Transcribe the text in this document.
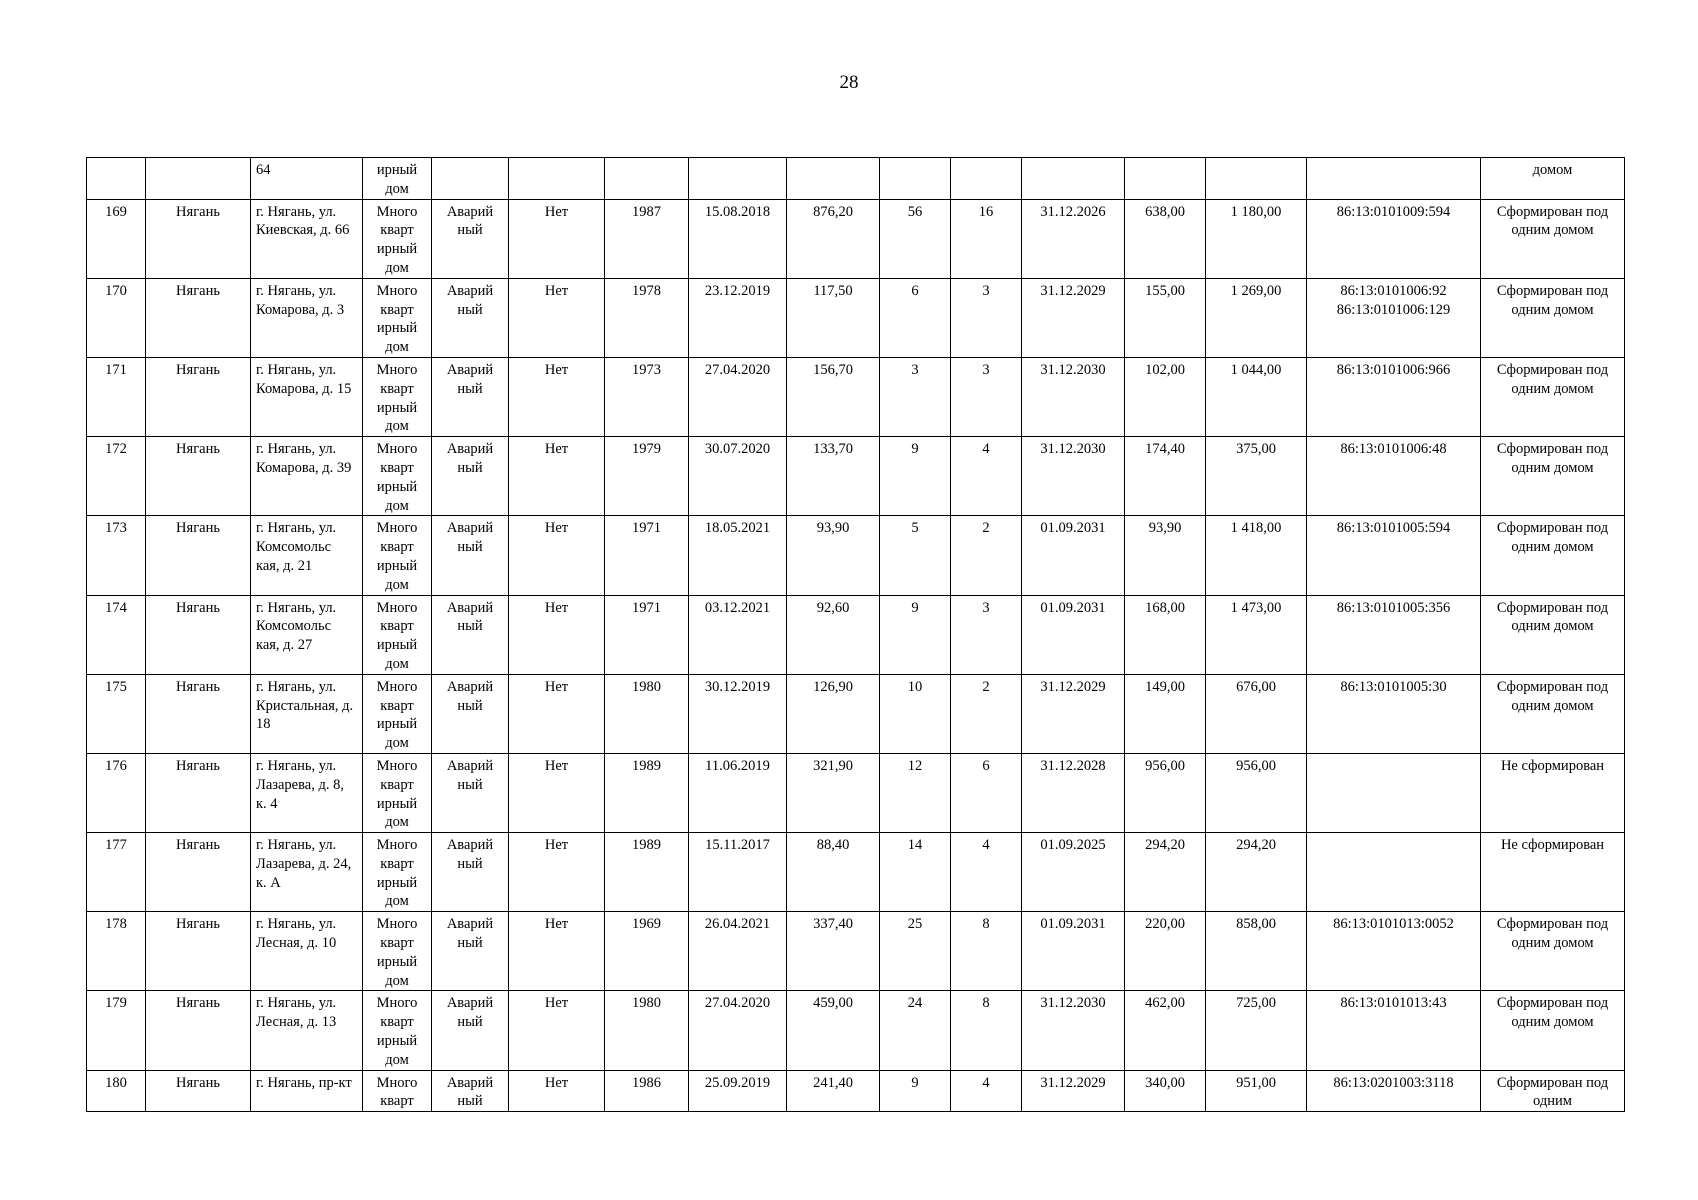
28
		64	ирный дом												домом
169	Нягань	г. Нягань, ул. Киевская, д. 66	Много кварт ирный дом	Аварий ный	Нет	1987	15.08.2018	876,20	56	16	31.12.2026	638,00	1 180,00	86:13:0101009:594	Сформирован под одним домом
170	Нягань	г. Нягань, ул. Комарова, д. 3	Много кварт ирный дом	Аварий ный	Нет	1978	23.12.2019	117,50	6	3	31.12.2029	155,00	1 269,00	86:13:0101006:92 86:13:0101006:129	Сформирован под одним домом
171	Нягань	г. Нягань, ул. Комарова, д. 15	Много кварт ирный дом	Аварий ный	Нет	1973	27.04.2020	156,70	3	3	31.12.2030	102,00	1 044,00	86:13:0101006:966	Сформирован под одним домом
172	Нягань	г. Нягань, ул. Комарова, д. 39	Много кварт ирный дом	Аварий ный	Нет	1979	30.07.2020	133,70	9	4	31.12.2030	174,40	375,00	86:13:0101006:48	Сформирован под одним домом
173	Нягань	г. Нягань, ул. Комсомольс кая, д. 21	Много кварт ирный дом	Аварий ный	Нет	1971	18.05.2021	93,90	5	2	01.09.2031	93,90	1 418,00	86:13:0101005:594	Сформирован под одним домом
174	Нягань	г. Нягань, ул. Комсомольс кая, д. 27	Много кварт ирный дом	Аварий ный	Нет	1971	03.12.2021	92,60	9	3	01.09.2031	168,00	1 473,00	86:13:0101005:356	Сформирован под одним домом
175	Нягань	г. Нягань, ул. Кристальная, д. 18	Много кварт ирный дом	Аварий ный	Нет	1980	30.12.2019	126,90	10	2	31.12.2029	149,00	676,00	86:13:0101005:30	Сформирован под одним домом
176	Нягань	г. Нягань, ул. Лазарева, д. 8, к. 4	Много кварт ирный дом	Аварий ный	Нет	1989	11.06.2019	321,90	12	6	31.12.2028	956,00	956,00		Не сформирован
177	Нягань	г. Нягань, ул. Лазарева, д. 24, к. А	Много кварт ирный дом	Аварий ный	Нет	1989	15.11.2017	88,40	14	4	01.09.2025	294,20	294,20		Не сформирован
178	Нягань	г. Нягань, ул. Лесная, д. 10	Много кварт ирный дом	Аварий ный	Нет	1969	26.04.2021	337,40	25	8	01.09.2031	220,00	858,00	86:13:0101013:0052	Сформирован под одним домом
179	Нягань	г. Нягань, ул. Лесная, д. 13	Много кварт ирный дом	Аварий ный	Нет	1980	27.04.2020	459,00	24	8	31.12.2030	462,00	725,00	86:13:0101013:43	Сформирован под одним домом
180	Нягань	г. Нягань, пр-кт	Много кварт	Аварий ный	Нет	1986	25.09.2019	241,40	9	4	31.12.2029	340,00	951,00	86:13:0201003:3118	Сформирован под одним
